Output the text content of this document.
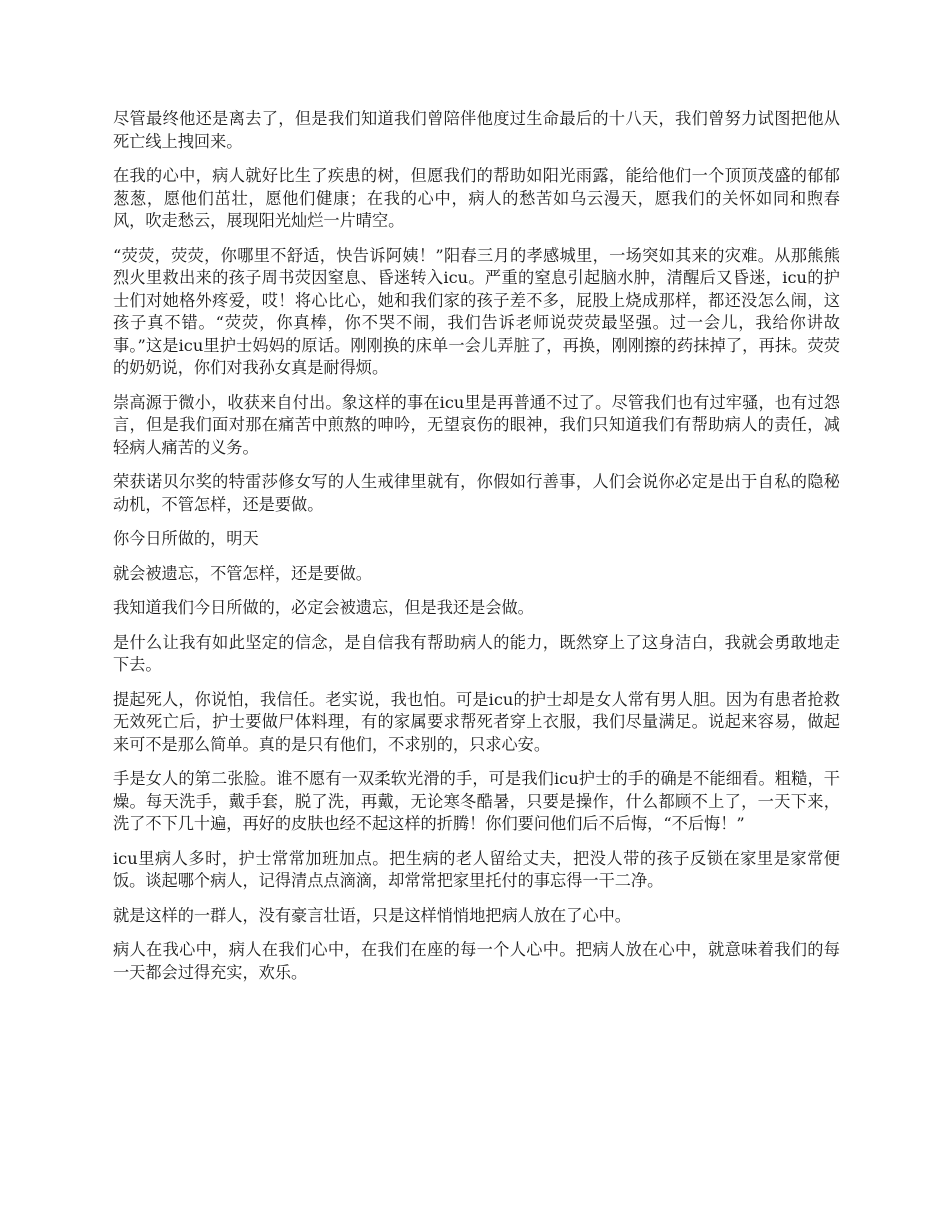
尽管最终他还是离去了，但是我们知道我们曾陪伴他度过生命最后的十八天，我们曾努力试图把他从死亡线上拽回来。

在我的心中，病人就好比生了疾患的树，但愿我们的帮助如阳光雨露，能给他们一个顶顶茂盛的郁郁葱葱，愿他们茁壮，愿他们健康；在我的心中，病人的愁苦如乌云漫天，愿我们的关怀如同和煦春风，吹走愁云，展现阳光灿烂一片晴空。

“荧荧，荧荧，你哪里不舒适，快告诉阿姨！”阳春三月的孝感城里，一场突如其来的灾难。从那熊熊烈火里救出来的孩子周书荧因窒息、昏迷转入icu。严重的窒息引起脑水肿，清醒后又昏迷，icu的护士们对她格外疼爱，哎！将心比心，她和我们家的孩子差不多，屁股上烧成那样，都还没怎么闹，这孩子真不错。“荧荧，你真棒，你不哭不闹，我们告诉老师说荧荧最坚强。过一会儿，我给你讲故事。”这是icu里护士妈妈的原话。刚刚换的床单一会儿弄脏了，再换，刚刚擦的药抹掉了，再抹。荧荧的奶奶说，你们对我孙女真是耐得烦。

崇高源于微小，收获来自付出。象这样的事在icu里是再普通不过了。尽管我们也有过牢骚，也有过怨言，但是我们面对那在痛苦中煎熬的呻吟，无望哀伤的眼神，我们只知道我们有帮助病人的责任，减轻病人痛苦的义务。

荣获诺贝尔奖的特雷莎修女写的人生戒律里就有，你假如行善事，人们会说你必定是出于自私的隐秘动机，不管怎样，还是要做。

你今日所做的，明天

就会被遗忘，不管怎样，还是要做。

我知道我们今日所做的，必定会被遗忘，但是我还是会做。

是什么让我有如此坚定的信念，是自信我有帮助病人的能力，既然穿上了这身洁白，我就会勇敢地走下去。

提起死人，你说怕，我信任。老实说，我也怕。可是icu的护士却是女人常有男人胆。因为有患者抢救无效死亡后，护士要做尸体料理，有的家属要求帮死者穿上衣服，我们尽量满足。说起来容易，做起来可不是那么简单。真的是只有他们，不求别的，只求心安。

手是女人的第二张脸。谁不愿有一双柔软光滑的手，可是我们icu护士的手的确是不能细看。粗糙，干燥。每天洗手，戴手套，脱了洗，再戴，无论寒冬酷暑，只要是操作，什么都顾不上了，一天下来，洗了不下几十遍，再好的皮肤也经不起这样的折腾！你们要问他们后不后悔，“不后悔！”

icu里病人多时，护士常常加班加点。把生病的老人留给丈夫，把没人带的孩子反锁在家里是家常便饭。谈起哪个病人，记得清点点滴滴，却常常把家里托付的事忘得一干二净。

就是这样的一群人，没有豪言壮语，只是这样悄悄地把病人放在了心中。

病人在我心中，病人在我们心中，在我们在座的每一个人心中。把病人放在心中，就意味着我们的每一天都会过得充实，欢乐。
